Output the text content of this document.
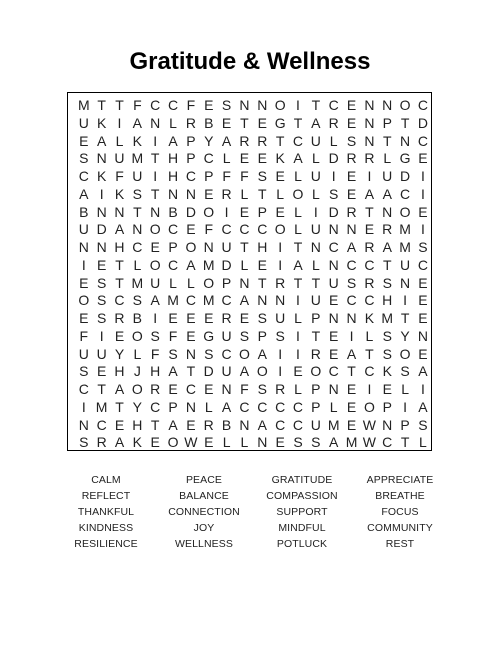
Gratitude & Wellness
M T T F C C F E S N N O I T C E N N O C
U K I A N L R B E T E G T A R E N P T D
E A L K I A P Y A R R T C U L S N T N C
S N U M T H P C L E E K A L D R R L G E
C K F U I H C P F F S E L U I E I U D I
A I K S T N N E R L T L O L S E A A C I
B N N T N B D O I E P E L I D R T N O E
U D A N O C E F C C C O L U N N E R M I
N N H C E P O N U T H I T N C A R A M S
I E T L O C A M D L E I A L N C C T U C
E S T M U L L O P N T R T T U S R S N E
O S C S A M C M C A N N I U E C C H I E
E S R B I E E E R E S U L P N N K M T E
F I E O S F E G U S P S I T E I L S Y N
U U Y L F S N S C O A I I R E A T S O E
S E H J H A T D U A O I E O C T C K S A
C T A O R E C E N F S R L P N E I E L I
I M T Y C P N L A C C C C P L E O P I A
N C E H T A E R B N A C C U M E W N P S
S R A K E O W E L L N E S S A M W C T L
CALM	PEACE	GRATITUDE	APPRECIATE
REFLECT	BALANCE	COMPASSION	BREATHE
THANKFUL	CONNECTION	SUPPORT	FOCUS
KINDNESS	JOY	MINDFUL	COMMUNITY
RESILIENCE	WELLNESS	POTLUCK	REST
